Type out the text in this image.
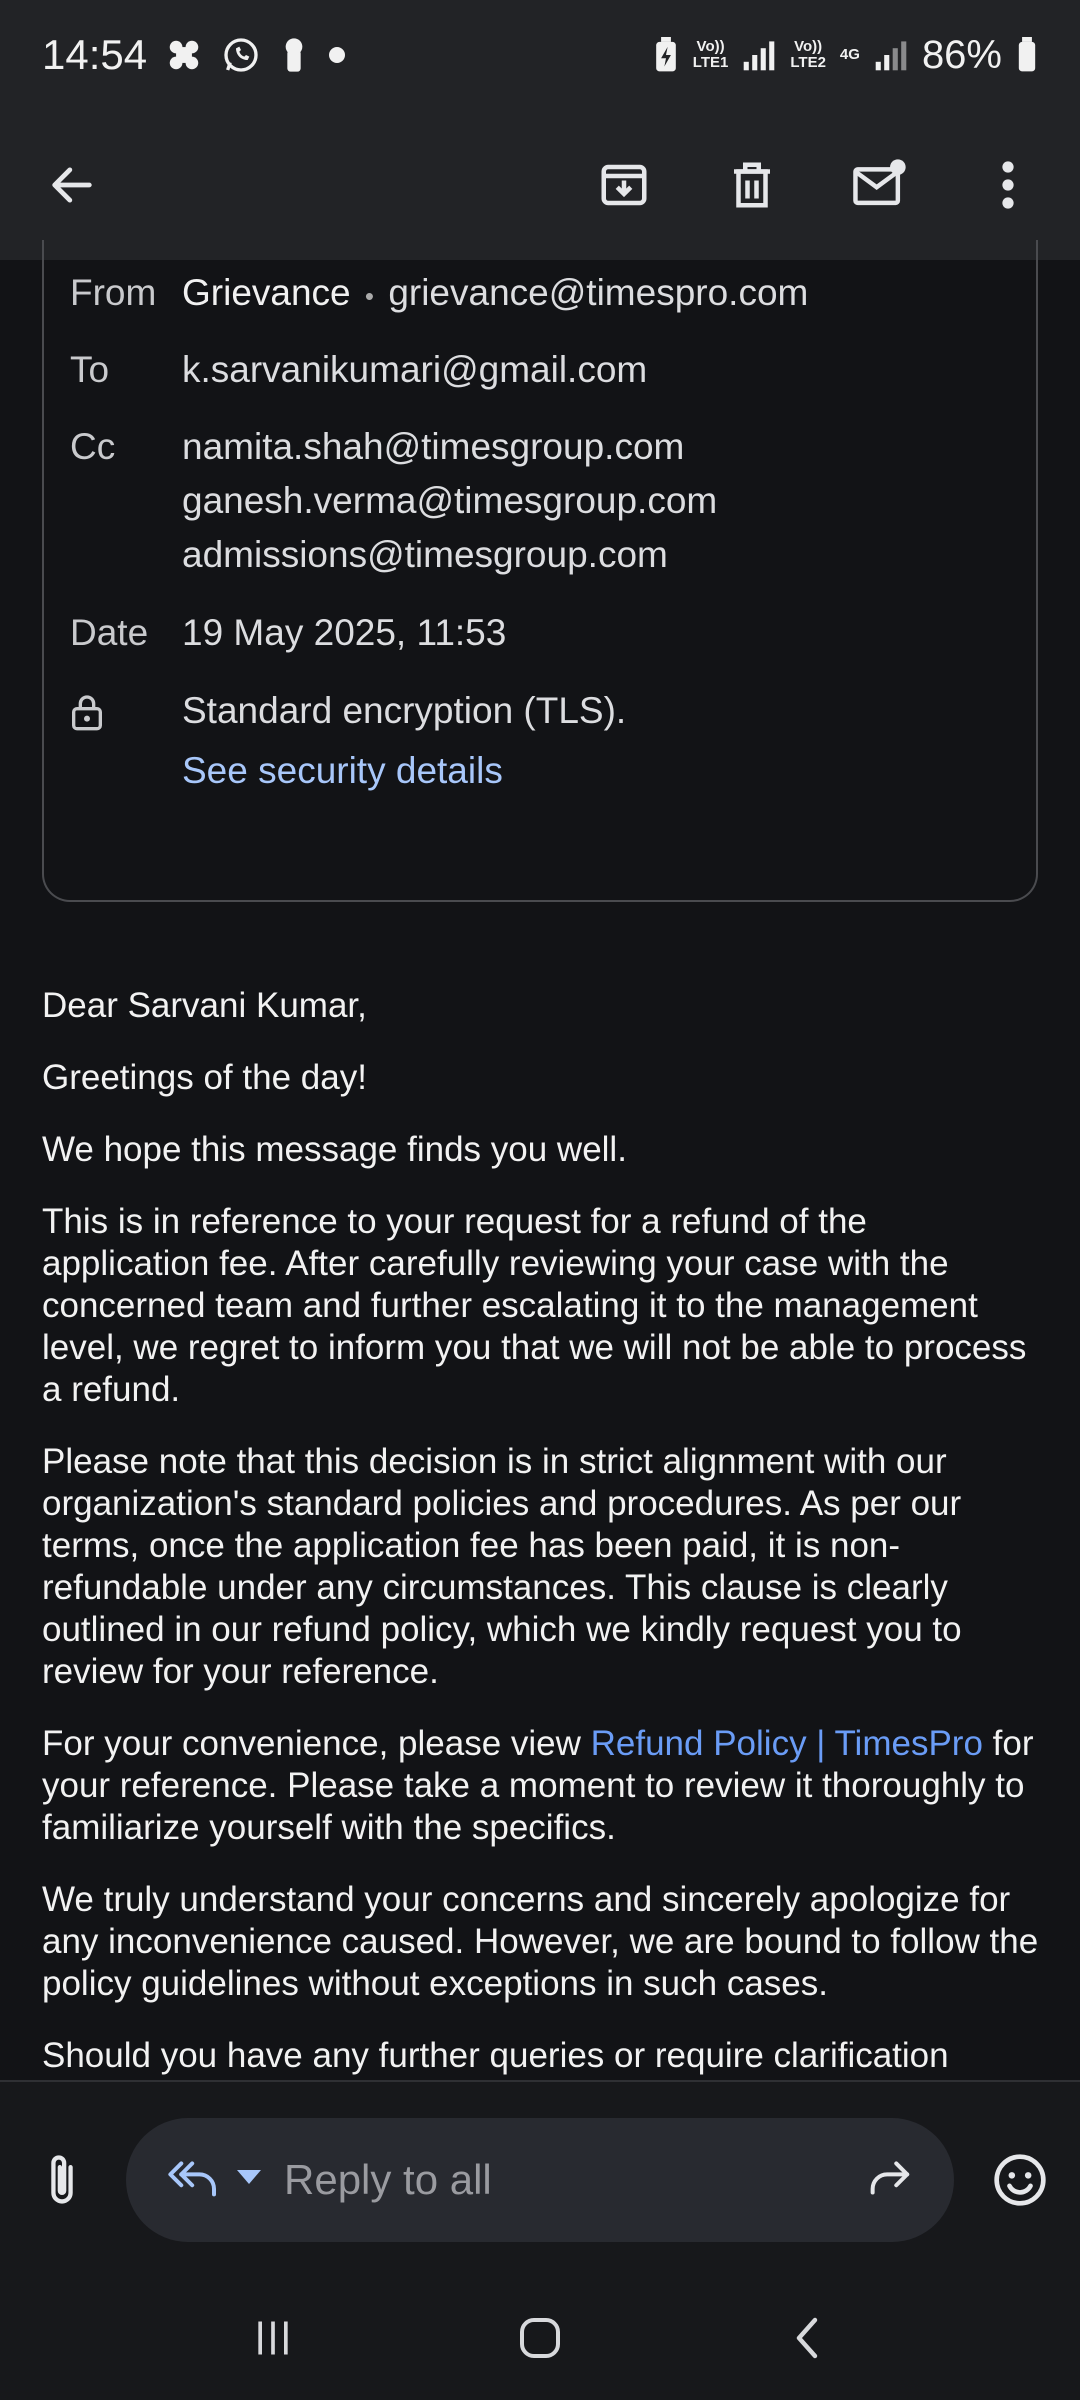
14:54	Vo))
LTE1
Vo))
LTE2 4G 86%
From Grievance • grievance@timespro.com
To	k.sarvanikumari@gmail.com
Cc	namita.shah@timesgroup.com
ganesh.verma@timesgroup.com
admissions@timesgroup.com
Date 19 May 2025, 11:53
Standard encryption (TLS).
See security details

Dear Sarvani Kumar,

Greetings of the day!

We hope this message finds you well.

This is in reference to your request for a refund of the application fee. After carefully reviewing your case with the concerned team and further escalating it to the management level, we regret to inform you that we will not be able to process a refund.

Please note that this decision is in strict alignment with our organization's standard policies and procedures. As per our terms, once the application fee has been paid, it is non-refundable under any circumstances. This clause is clearly outlined in our refund policy, which we kindly request you to review for your reference.

For your convenience, please view Refund Policy | TimesPro for your reference. Please take a moment to review it thoroughly to familiarize yourself with the specifics.

We truly understand your concerns and sincerely apologize for any inconvenience caused. However, we are bound to follow the policy guidelines without exceptions in such cases.

Should you have any further queries or require clarification

Reply to all
